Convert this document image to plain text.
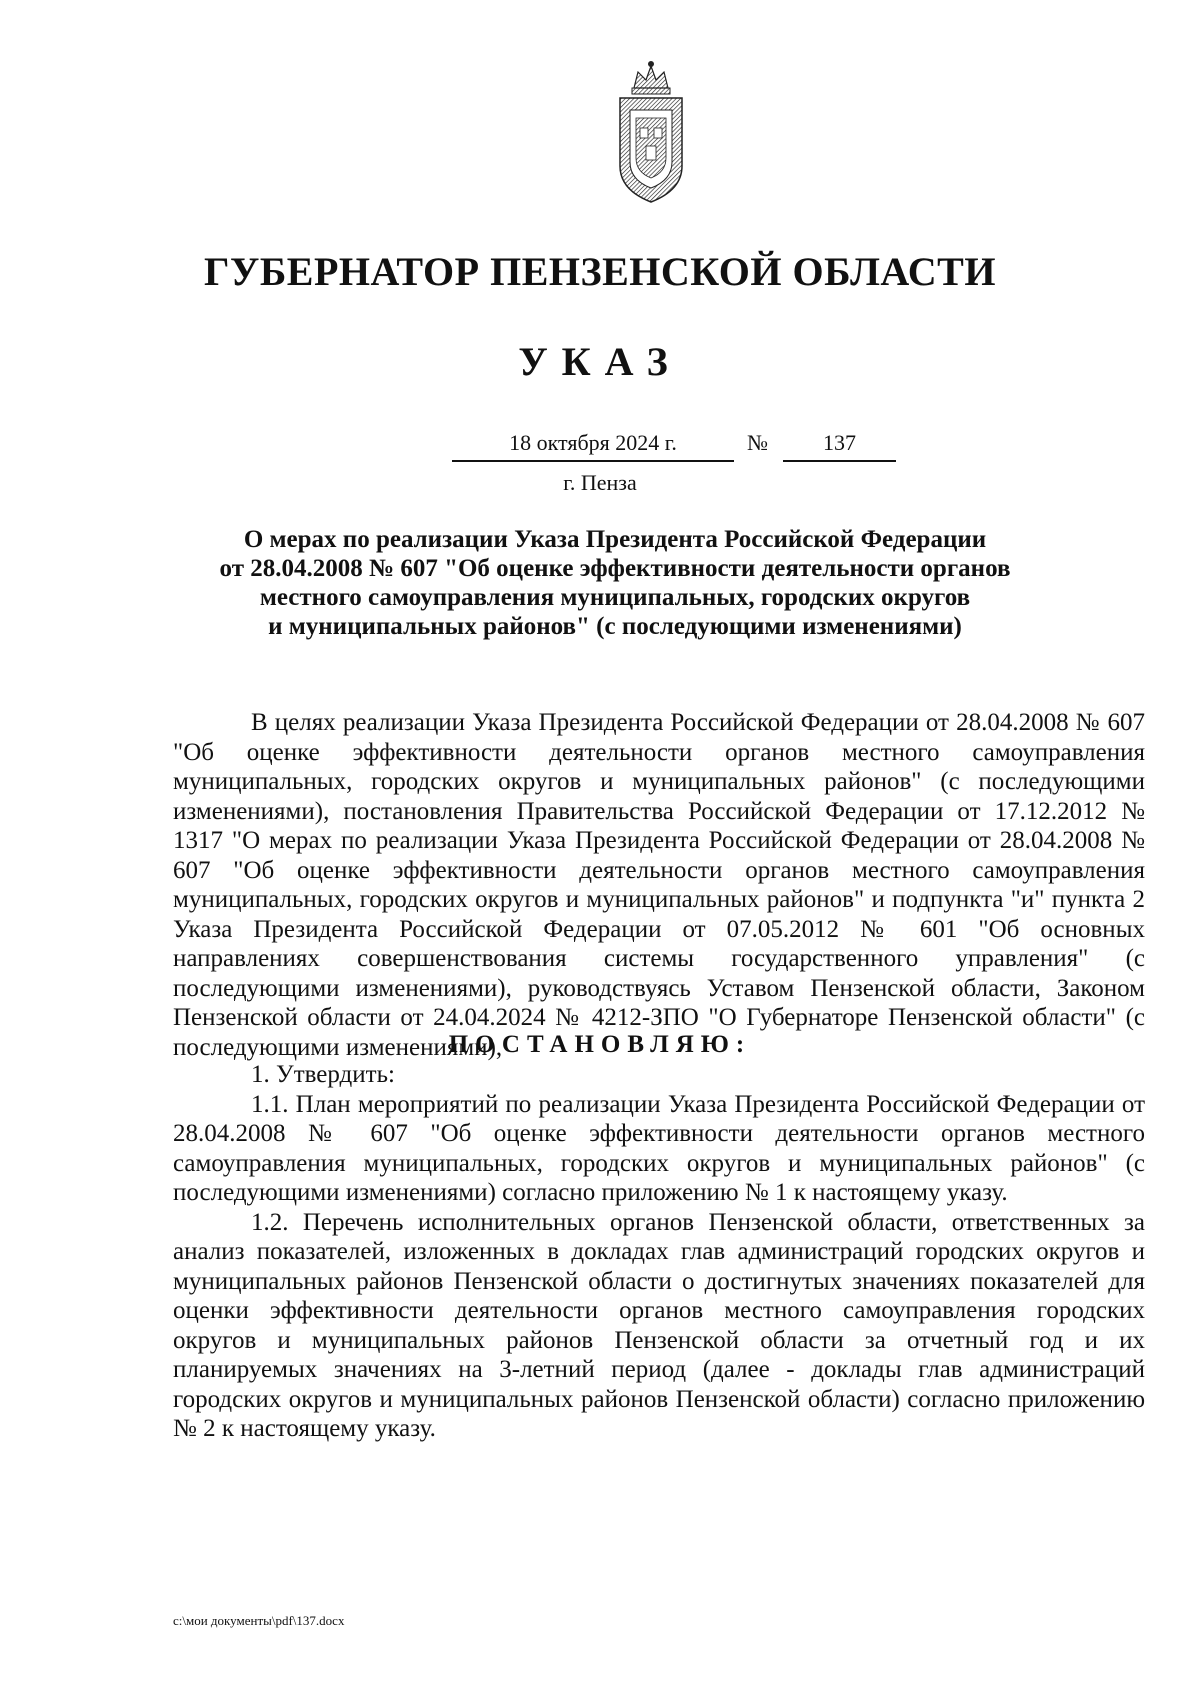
ГУБЕРНАТОР ПЕНЗЕНСКОЙ ОБЛАСТИ
УКАЗ
18 октября 2024 г.	№	137
г. Пенза
О мерах по реализации Указа Президента Российской Федерации
от 28.04.2008 № 607 "Об оценке эффективности деятельности органов
местного самоуправления муниципальных, городских округов
и муниципальных районов" (с последующими изменениями)

В целях реализации Указа Президента Российской Федерации от 28.04.2008 № 607 "Об оценке эффективности деятельности органов местного самоуправления муниципальных, городских округов и муниципальных районов" (с последующими изменениями), постановления Правительства Российской Федерации от 17.12.2012 № 1317 "О мерах по реализации Указа Президента Российской Федерации от 28.04.2008 № 607 "Об оценке эффективности деятельности органов местного самоуправления муниципальных, городских округов и муниципальных районов" и подпункта "и" пункта 2 Указа Президента Российской Федерации от 07.05.2012 № 601 "Об основных направлениях совершенствования системы государственного управления" (с последующими изменениями), руководствуясь Уставом Пензенской области, Законом Пензенской области от 24.04.2024 № 4212-ЗПО "О Губернаторе Пензенской области" (с последующими изменениями),

ПОСТАНОВЛЯЮ:

1. Утвердить:

1.1. План мероприятий по реализации Указа Президента Российской Федерации от 28.04.2008 № 607 "Об оценке эффективности деятельности органов местного самоуправления муниципальных, городских округов и муниципальных районов" (с последующими изменениями) согласно приложению № 1 к настоящему указу.

1.2. Перечень исполнительных органов Пензенской области, ответственных за анализ показателей, изложенных в докладах глав администраций городских округов и муниципальных районов Пензенской области о достигнутых значениях показателей для оценки эффективности деятельности органов местного самоуправления городских округов и муниципальных районов Пензенской области за отчетный год и их планируемых значениях на 3-летний период (далее - доклады глав администраций городских округов и муниципальных районов Пензенской области) согласно приложению № 2 к настоящему указу.

c:\мои документы\pdf\137.docx
